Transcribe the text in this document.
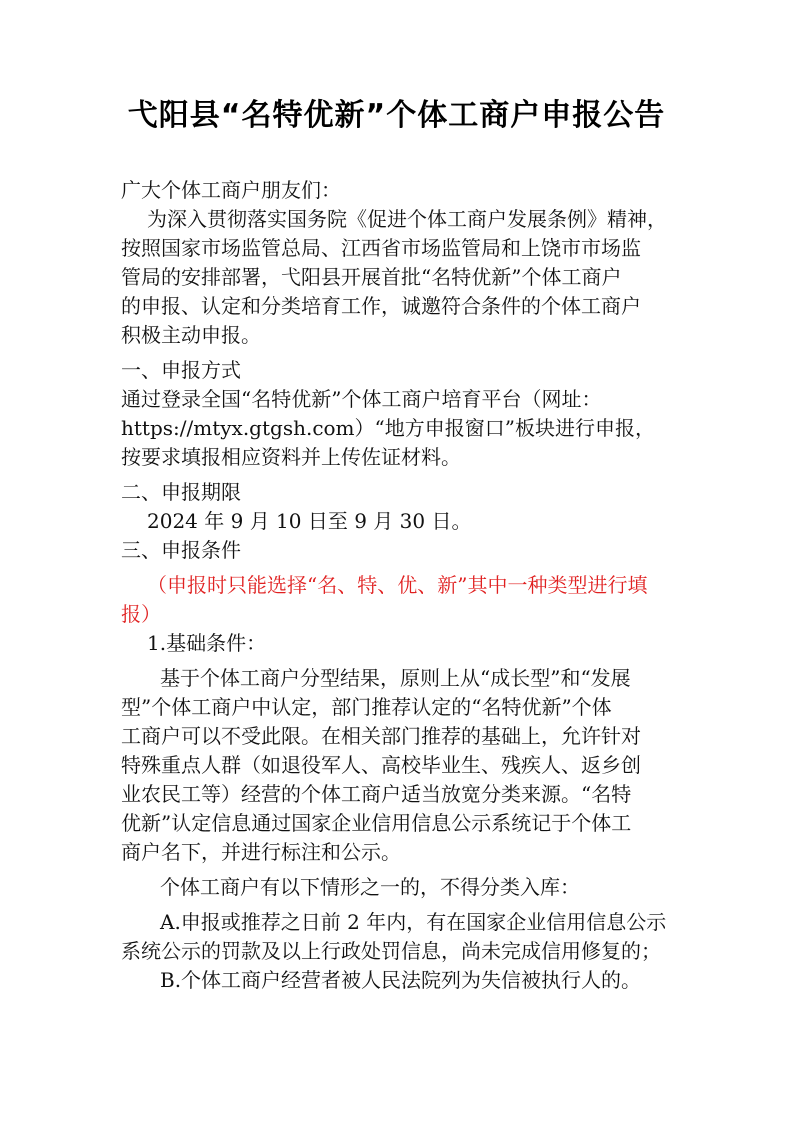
弋阳县“名特优新”个体工商户申报公告
广大个体工商户朋友们：
为深入贯彻落实国务院《促进个体工商户发展条例》精神，
按照国家市场监管总局、江西省市场监管局和上饶市市场监
管局的安排部署，弋阳县开展首批“名特优新”个体工商户
的申报、认定和分类培育工作，诚邀符合条件的个体工商户
积极主动申报。
一、申报方式
通过登录全国“名特优新”个体工商户培育平台（网址：
https://mtyx.gtgsh.com）“地方申报窗口”板块进行申报，
按要求填报相应资料并上传佐证材料。
二、申报期限
2024 年 9 月 10 日至 9 月 30 日。
三、申报条件
（申报时只能选择“名、特、优、新”其中一种类型进行填
报）
1.基础条件：
基于个体工商户分型结果，原则上从“成长型”和“发展
型”个体工商户中认定，部门推荐认定的“名特优新”个体
工商户可以不受此限。在相关部门推荐的基础上，允许针对
特殊重点人群（如退役军人、高校毕业生、残疾人、返乡创
业农民工等）经营的个体工商户适当放宽分类来源。“名特
优新”认定信息通过国家企业信用信息公示系统记于个体工
商户名下，并进行标注和公示。
个体工商户有以下情形之一的，不得分类入库：
A.申报或推荐之日前 2 年内，有在国家企业信用信息公示
系统公示的罚款及以上行政处罚信息，尚未完成信用修复的；
B.个体工商户经营者被人民法院列为失信被执行人的。
